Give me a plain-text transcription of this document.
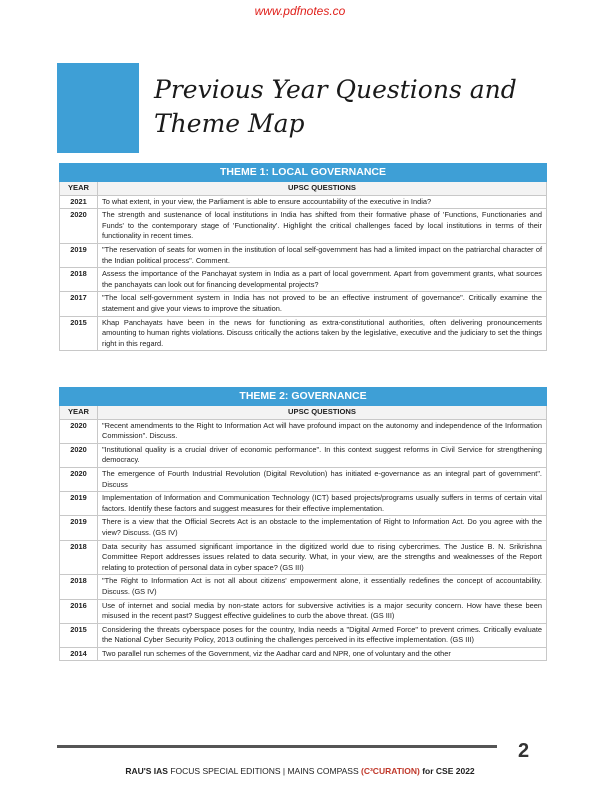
www.pdfnotes.co
Previous Year Questions and
Theme Map
THEME 1: LOCAL GOVERNANCE	
YEAR	UPSC QUESTIONS
2021	To what extent, in your view, the Parliament is able to ensure accountability of the executive in India?
2020	The strength and sustenance of local institutions in India has shifted from their formative phase of 'Functions, Functionaries and Funds' to the contemporary stage of 'Functionality'. Highlight the critical challenges faced by local institutions in terms of their functionality in recent times.
2019	"The reservation of seats for women in the institution of local self-government has had a limited impact on the patriarchal character of the Indian political process". Comment.
2018	Assess the importance of the Panchayat system in India as a part of local government. Apart from government grants, what sources the panchayats can look out for financing developmental projects?
2017	"The local self-government system in India has not proved to be an effective instrument of governance". Critically examine the statement and give your views to improve the situation.
2015	Khap Panchayats have been in the news for functioning as extra-constitutional authorities, often delivering pronouncements amounting to human rights violations. Discuss critically the actions taken by the legislative, executive and the judiciary to set the things right in this regard.
THEME 2: GOVERNANCE	
YEAR	UPSC QUESTIONS
2020	"Recent amendments to the Right to Information Act will have profound impact on the autonomy and independence of the Information Commission". Discuss.
2020	"Institutional quality is a crucial driver of economic performance". In this context suggest reforms in Civil Service for strengthening democracy.
2020	The emergence of Fourth Industrial Revolution (Digital Revolution) has initiated e-governance as an integral part of government". Discuss
2019	Implementation of Information and Communication Technology (ICT) based projects/programs usually suffers in terms of certain vital factors. Identify these factors and suggest measures for their effective implementation.
2019	There is a view that the Official Secrets Act is an obstacle to the implementation of Right to Information Act. Do you agree with the view? Discuss. (GS IV)
2018	Data security has assumed significant importance in the digitized world due to rising cybercrimes. The Justice B. N. Srikrishna Committee Report addresses issues related to data security. What, in your view, are the strengths and weaknesses of the Report relating to protection of personal data in cyber space? (GS III)
2018	"The Right to Information Act is not all about citizens' empowerment alone, it essentially redefines the concept of accountability. Discuss. (GS IV)
2016	Use of internet and social media by non-state actors for subversive activities is a major security concern. How have these been misused in the recent past? Suggest effective guidelines to curb the above threat. (GS III)
2015	Considering the threats cyberspace poses for the country, India needs a "Digital Armed Force" to prevent crimes. Critically evaluate the National Cyber Security Policy, 2013 outlining the challenges perceived in its effective implementation. (GS III)
2014	Two parallel run schemes of the Government, viz the Aadhar card and NPR, one of voluntary and the other
2
RAU'S IAS FOCUS SPECIAL EDITIONS | MAINS COMPASS (C³CURATION) for CSE 2022
